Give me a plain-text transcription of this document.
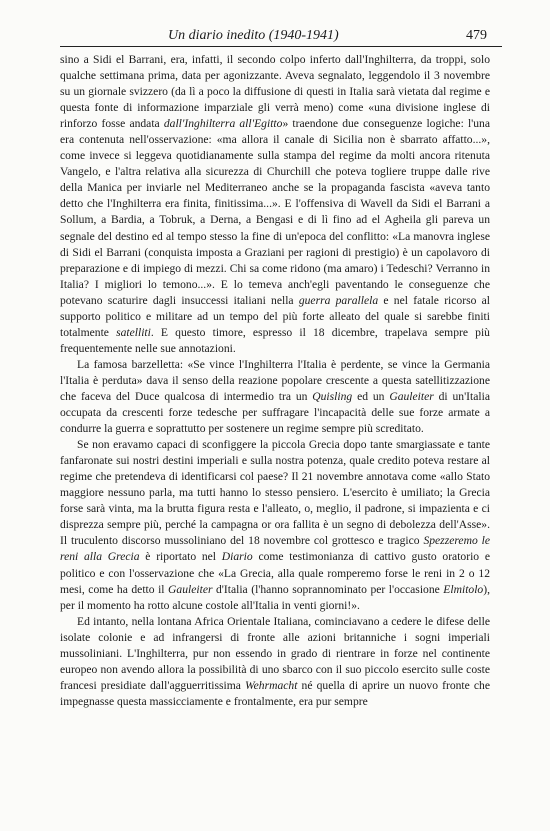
Un diario inedito (1940-1941)	479

sino a Sidi el Barrani, era, infatti, il secondo colpo inferto dall'Inghilterra, da troppi, solo qualche settimana prima, data per agonizzante. Aveva segnalato, leggendolo il 3 novembre su un giornale svizzero (da lì a poco la diffusione di questi in Italia sarà vietata dal regime e questa fonte di informazione imparziale gli verrà meno) come «una divisione inglese di rinforzo fosse andata dall'Inghilterra all'Egitto» traendone due conseguenze logiche: l'una era contenuta nell'osservazione: «ma allora il canale di Sicilia non è sbarrato affatto...», come invece si leggeva quotidianamente sulla stampa del regime da molti ancora ritenuta Vangelo, e l'altra relativa alla sicurezza di Churchill che poteva togliere truppe dalle rive della Manica per inviarle nel Mediterraneo anche se la propaganda fascista «aveva tanto detto che l'Inghilterra era finita, finitissima...». E l'offensiva di Wavell da Sidi el Barrani a Sollum, a Bardia, a Tobruk, a Derna, a Bengasi e di lì fino ad el Agheila gli pareva un segnale del destino ed al tempo stesso la fine di un'epoca del conflitto: «La manovra inglese di Sidi el Barrani (conquista imposta a Graziani per ragioni di prestigio) è un capolavoro di preparazione e di impiego di mezzi. Chi sa come ridono (ma amaro) i Tedeschi? Verranno in Italia? I migliori lo temono...». E lo temeva anch'egli paventando le conseguenze che potevano scaturire dagli insuccessi italiani nella guerra parallela e nel fatale ricorso al supporto politico e militare ad un tempo del più forte alleato del quale si sarebbe finiti totalmente satelliti. E questo timore, espresso il 18 dicembre, trapelava sempre più frequentemente nelle sue annotazioni.

La famosa barzelletta: «Se vince l'Inghilterra l'Italia è perdente, se vince la Germania l'Italia è perduta» dava il senso della reazione popolare crescente a questa satellitizzazione che faceva del Duce qualcosa di intermedio tra un Quisling ed un Gauleiter di un'Italia occupata da crescenti forze tedesche per suffragare l'incapacità delle sue forze armate a condurre la guerra e soprattutto per sostenere un regime sempre più screditato.

Se non eravamo capaci di sconfiggere la piccola Grecia dopo tante smargiassate e tante fanfaronate sui nostri destini imperiali e sulla nostra potenza, quale credito poteva restare al regime che pretendeva di identificarsi col paese? Il 21 novembre annotava come «allo Stato maggiore nessuno parla, ma tutti hanno lo stesso pensiero. L'esercito è umiliato; la Grecia forse sarà vinta, ma la brutta figura resta e l'alleato, o, meglio, il padrone, si impazienta e ci disprezza sempre più, perché la campagna or ora fallita è un segno di debolezza dell'Asse». Il truculento discorso mussoliniano del 18 novembre col grottesco e tragico Spezzeremo le reni alla Grecia è riportato nel Diario come testimonianza di cattivo gusto oratorio e politico e con l'osservazione che «La Grecia, alla quale romperemo forse le reni in 2 o 12 mesi, come ha detto il Gauleiter d'Italia (l'hanno soprannominato per l'occasione Elmitolo), per il momento ha rotto alcune costole all'Italia in venti giorni!».

Ed intanto, nella lontana Africa Orientale Italiana, cominciavano a cedere le difese delle isolate colonie e ad infrangersi di fronte alle azioni britanniche i sogni imperiali mussoliniani. L'Inghilterra, pur non essendo in grado di rientrare in forze nel continente europeo non avendo allora la possibilità di uno sbarco con il suo piccolo esercito sulle coste francesi presidiate dall'agguerritissima Wehrmacht né quella di aprire un nuovo fronte che impegnasse questa massicciamente e frontalmente, era pur sempre
